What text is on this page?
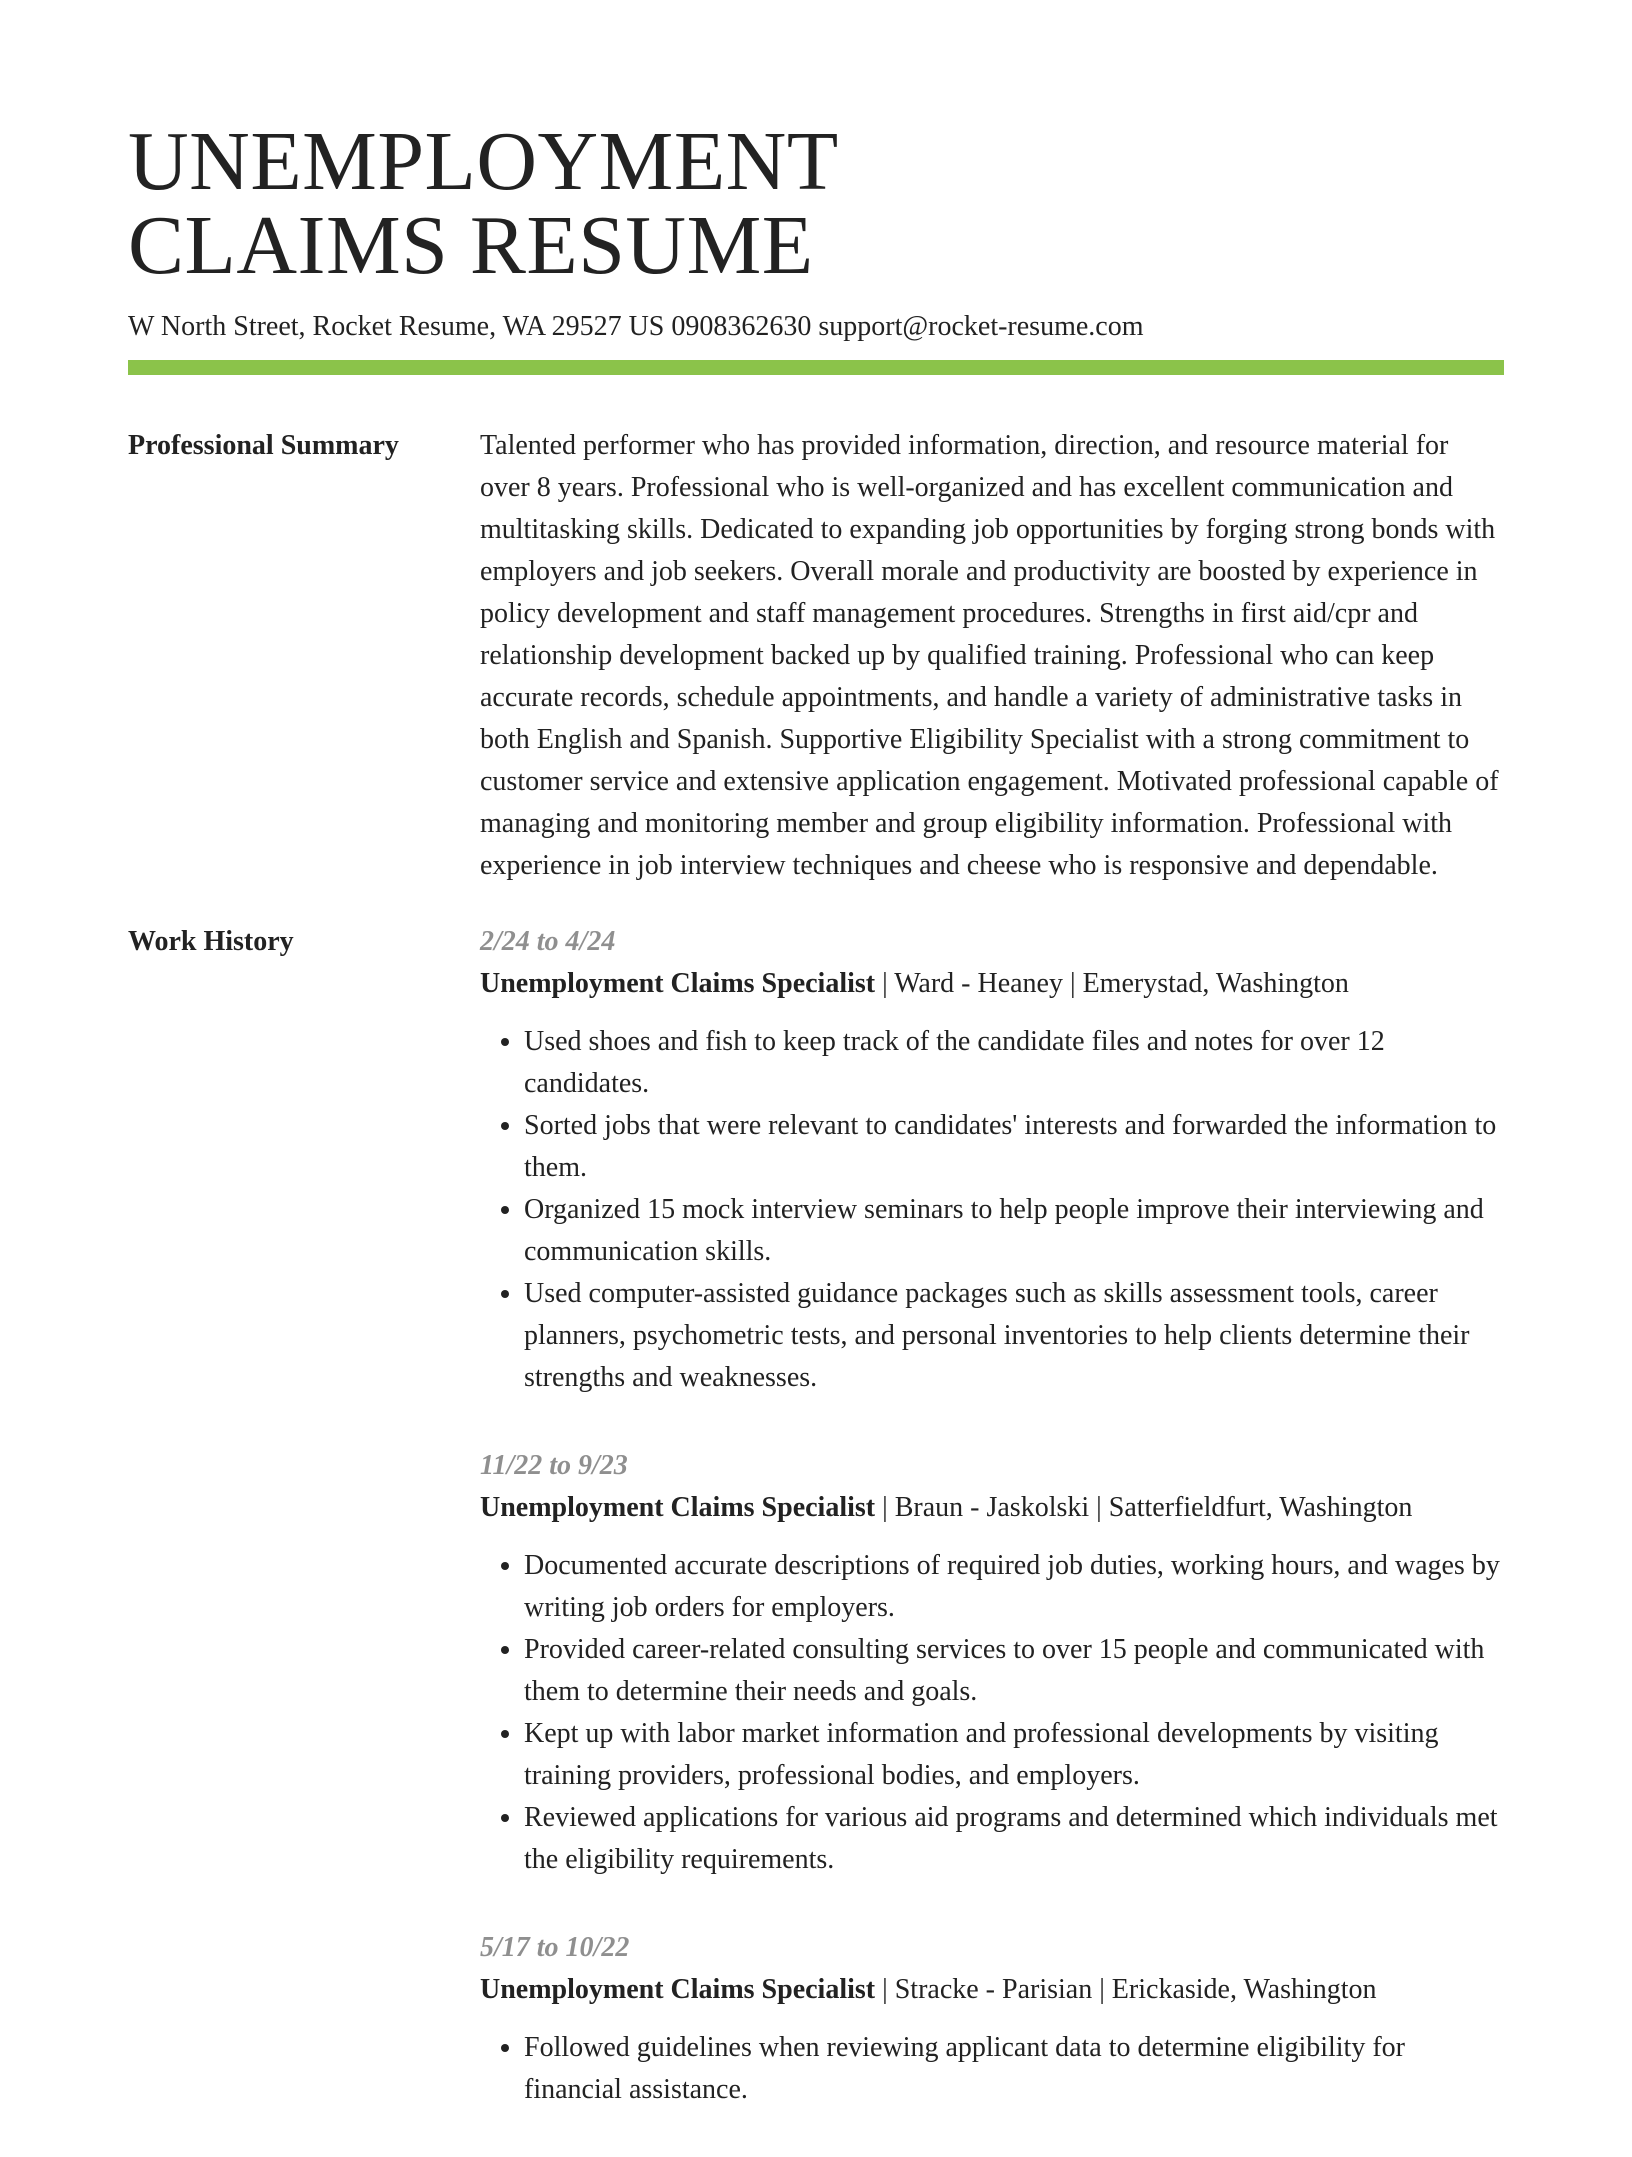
UNEMPLOYMENT
CLAIMS RESUME
W North Street, Rocket Resume, WA 29527 US 0908362630 support@rocket-resume.com
Professional Summary	Talented performer who has provided information, direction, and resource material for over 8 years. Professional who is well-organized and has excellent communication and multitasking skills. Dedicated to expanding job opportunities by forging strong bonds with employers and job seekers. Overall morale and productivity are boosted by experience in policy development and staff management procedures. Strengths in first aid/cpr and relationship development backed up by qualified training. Professional who can keep accurate records, schedule appointments, and handle a variety of administrative tasks in both English and Spanish. Supportive Eligibility Specialist with a strong commitment to customer service and extensive application engagement. Motivated professional capable of managing and monitoring member and group eligibility information. Professional with experience in job interview techniques and cheese who is responsive and dependable.

Work History	2/24 to 4/24
Unemployment Claims Specialist | Ward - Heaney | Emerystad, Washington
• Used shoes and fish to keep track of the candidate files and notes for over 12 candidates.
• Sorted jobs that were relevant to candidates' interests and forwarded the information to them.
• Organized 15 mock interview seminars to help people improve their interviewing and communication skills.
• Used computer-assisted guidance packages such as skills assessment tools, career planners, psychometric tests, and personal inventories to help clients determine their strengths and weaknesses.
11/22 to 9/23
Unemployment Claims Specialist | Braun - Jaskolski | Satterfieldfurt, Washington
• Documented accurate descriptions of required job duties, working hours, and wages by writing job orders for employers.
• Provided career-related consulting services to over 15 people and communicated with them to determine their needs and goals.
• Kept up with labor market information and professional developments by visiting training providers, professional bodies, and employers.
• Reviewed applications for various aid programs and determined which individuals met the eligibility requirements.
5/17 to 10/22
Unemployment Claims Specialist | Stracke - Parisian | Erickaside, Washington
• Followed guidelines when reviewing applicant data to determine eligibility for financial assistance.
